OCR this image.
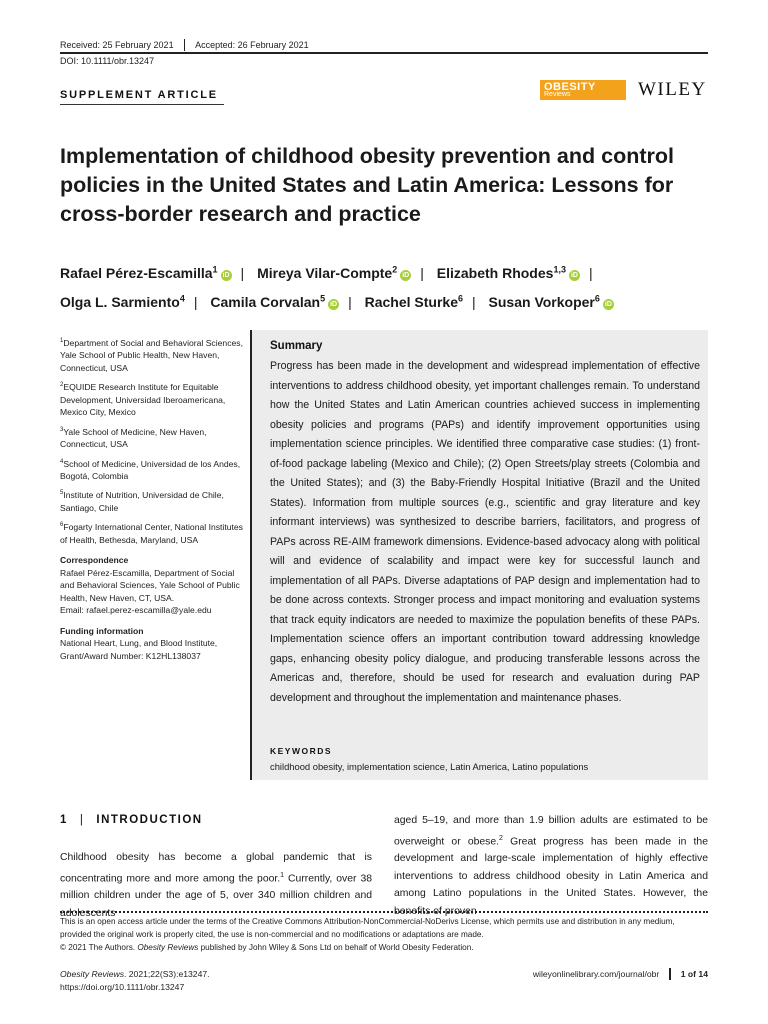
Received: 25 February 2021 Accepted: 26 February 2021
DOI: 10.1111/obr.13247
SUPPLEMENT ARTICLE
OBESITY
Reviews	WILEY
Implementation of childhood obesity prevention and control policies in the United States and Latin America: Lessons for cross-border research and practice
Rafael Pérez-Escamilla$^1$iD | Mireya Vilar-Compte$^2$iD | Elizabeth Rhodes$^{1,3}$iD |
Olga L. Sarmiento$^4$ | Camila Corvalan$^5$iD | Rachel Sturke$^6$ | Susan Vorkoper$^6$iD
$^1$Department of Social and Behavioral Sciences, Yale School of Public Health, New Haven, Connecticut, USA
$^2$EQUIDE Research Institute for Equitable Development, Universidad Iberoamericana, Mexico City, Mexico
$^3$Yale School of Medicine, New Haven, Connecticut, USA
$^4$School of Medicine, Universidad de los Andes, Bogotá, Colombia
$^5$Institute of Nutrition, Universidad de Chile, Santiago, Chile
$^6$Fogarty International Center, National Institutes of Health, Bethesda, Maryland, USA
Correspondence
Rafael Pérez-Escamilla, Department of Social and Behavioral Sciences, Yale School of Public Health, New Haven, CT, USA.
Email: rafael.perez-escamilla@yale.edu
Funding information
National Heart, Lung, and Blood Institute, Grant/Award Number: K12HL138037
Summary
Progress has been made in the development and widespread implementation of effective interventions to address childhood obesity, yet important challenges remain. To understand how the United States and Latin American countries achieved success in implementing obesity policies and programs (PAPs) and identify improvement opportunities using implementation science principles. We identified three comparative case studies: (1) front-of-food package labeling (Mexico and Chile); (2) Open Streets/play streets (Colombia and the United States); and (3) the Baby-Friendly Hospital Initiative (Brazil and the United States). Information from multiple sources (e.g., scientific and gray literature and key informant interviews) was synthesized to describe barriers, facilitators, and progress of PAPs across RE-AIM framework dimensions. Evidence-based advocacy along with political will and evidence of scalability and impact were key for successful launch and implementation of all PAPs. Diverse adaptations of PAP design and implementation had to be done across contexts. Stronger process and impact monitoring and evaluation systems that track equity indicators are needed to maximize the population benefits of these PAPs. Implementation science offers an important contribution toward addressing knowledge gaps, enhancing obesity policy dialogue, and producing transferable lessons across the Americas and, therefore, should be used for research and evaluation during PAP development and throughout the implementation and maintenance phases.
KEYWORDS
childhood obesity, implementation science, Latin America, Latino populations
1 | INTRODUCTION
Childhood obesity has become a global pandemic that is concentrating more and more among the poor.$^1$ Currently, over 38 million children under the age of 5, over 340 million children and adolescents
aged 5–19, and more than 1.9 billion adults are estimated to be overweight or obese.$^2$ Great progress has been made in the development and large-scale implementation of highly effective interventions to address childhood obesity in Latin America and among Latino populations in the United States. However, the benefits of proven
This is an open access article under the terms of the Creative Commons Attribution-NonCommercial-NoDerivs License, which permits use and distribution in any medium, provided the original work is properly cited, the use is non-commercial and no modifications or adaptations are made.
© 2021 The Authors. Obesity Reviews published by John Wiley & Sons Ltd on behalf of World Obesity Federation.
Obesity Reviews. 2021;22(S3):e13247.
https://doi.org/10.1111/obr.13247
wileyonlinelibrary.com/journal/obr	1 of 14
